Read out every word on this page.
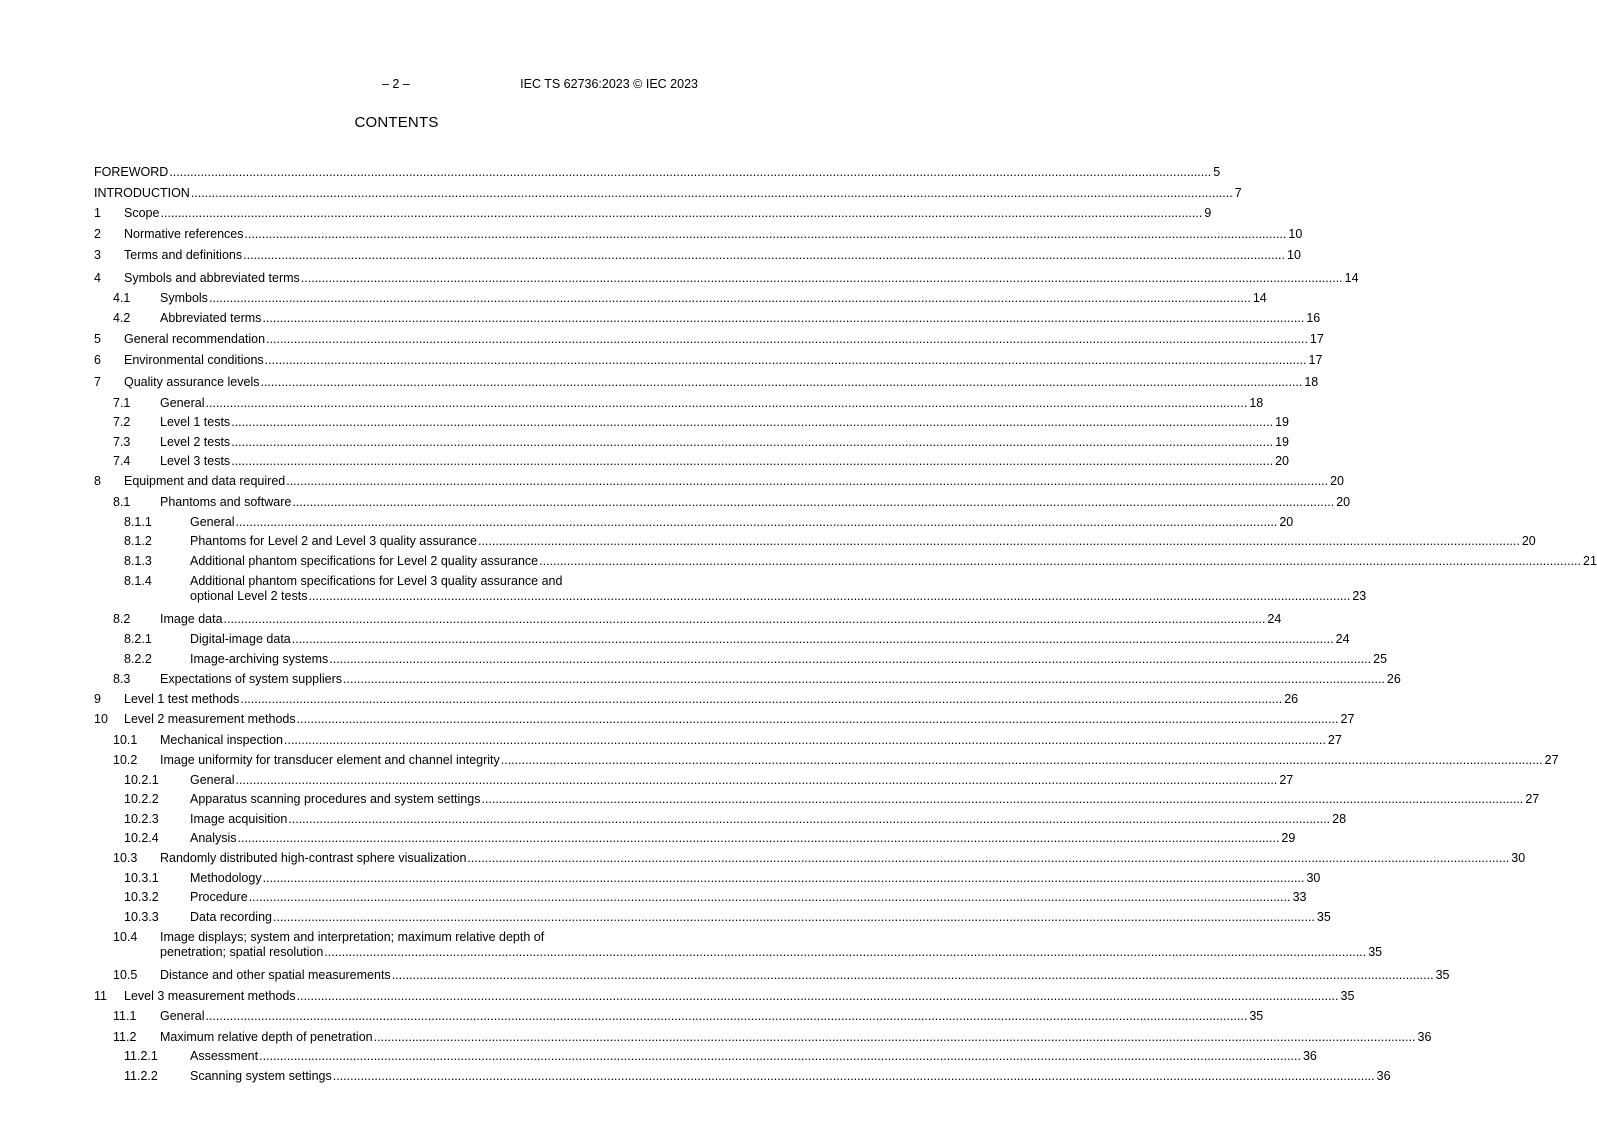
– 2 –	IEC TS 62736:2023 © IEC 2023
CONTENTS
FOREWORD ............................................................................................................................................................................................................................................................................................................ 5
INTRODUCTION ............................................................................................................................................................................................................................................................................................................ 7
1 Scope ............................................................................................................................................................................................................................................................................................................ 9
2 Normative references ............................................................................................................................................................................................................................................................................................................ 10
3 Terms and definitions ............................................................................................................................................................................................................................................................................................................ 10
4 Symbols and abbreviated terms ............................................................................................................................................................................................................................................................................................................ 14
4.1 Symbols ............................................................................................................................................................................................................................................................................................................ 14
4.2 Abbreviated terms ............................................................................................................................................................................................................................................................................................................ 16
5 General recommendation ............................................................................................................................................................................................................................................................................................................ 17
6 Environmental conditions ............................................................................................................................................................................................................................................................................................................ 17
7 Quality assurance levels ............................................................................................................................................................................................................................................................................................................ 18
7.1 General ............................................................................................................................................................................................................................................................................................................ 18
7.2 Level 1 tests ............................................................................................................................................................................................................................................................................................................ 19
7.3 Level 2 tests ............................................................................................................................................................................................................................................................................................................ 19
7.4 Level 3 tests ............................................................................................................................................................................................................................................................................................................ 20
8 Equipment and data required ............................................................................................................................................................................................................................................................................................................ 20
8.1 Phantoms and software ............................................................................................................................................................................................................................................................................................................ 20
8.1.1	General ............................................................................................................................................................................................................................................................................................................ 20
8.1.2	Phantoms for Level 2 and Level 3 quality assurance ............................................................................................................................................................................................................................................................................................................ 20
8.1.3	Additional phantom specifications for Level 2 quality assurance ............................................................................................................................................................................................................................................................................................................ 21
8.1.4	Additional phantom specifications for Level 3 quality assurance and
optional Level 2 tests ............................................................................................................................................................................................................................................................................................................ 23
8.2 Image data ............................................................................................................................................................................................................................................................................................................ 24
8.2.1	Digital-image data ............................................................................................................................................................................................................................................................................................................ 24
8.2.2	Image-archiving systems ............................................................................................................................................................................................................................................................................................................ 25
8.3 Expectations of system suppliers ............................................................................................................................................................................................................................................................................................................ 26
9 Level 1 test methods ............................................................................................................................................................................................................................................................................................................ 26
10 Level 2 measurement methods ............................................................................................................................................................................................................................................................................................................ 27
10.1 Mechanical inspection ............................................................................................................................................................................................................................................................................................................ 27
10.2 Image uniformity for transducer element and channel integrity ............................................................................................................................................................................................................................................................................................................ 27
10.2.1 General ............................................................................................................................................................................................................................................................................................................ 27
10.2.2 Apparatus scanning procedures and system settings ............................................................................................................................................................................................................................................................................................................ 27
10.2.3 Image acquisition ............................................................................................................................................................................................................................................................................................................ 28
10.2.4 Analysis ............................................................................................................................................................................................................................................................................................................ 29
10.3 Randomly distributed high-contrast sphere visualization ............................................................................................................................................................................................................................................................................................................ 30
10.3.1 Methodology ............................................................................................................................................................................................................................................................................................................ 30
10.3.2 Procedure ............................................................................................................................................................................................................................................................................................................ 33
10.3.3 Data recording ............................................................................................................................................................................................................................................................................................................ 35
10.4 Image displays; system and interpretation; maximum relative depth of
penetration; spatial resolution ............................................................................................................................................................................................................................................................................................................ 35
10.5 Distance and other spatial measurements ............................................................................................................................................................................................................................................................................................................ 35
11 Level 3 measurement methods ............................................................................................................................................................................................................................................................................................................ 35
11.1 General ............................................................................................................................................................................................................................................................................................................ 35
11.2 Maximum relative depth of penetration ............................................................................................................................................................................................................................................................................................................ 36
11.2.1	Assessment ............................................................................................................................................................................................................................................................................................................ 36
11.2.2	Scanning system settings ............................................................................................................................................................................................................................................................................................................ 36
